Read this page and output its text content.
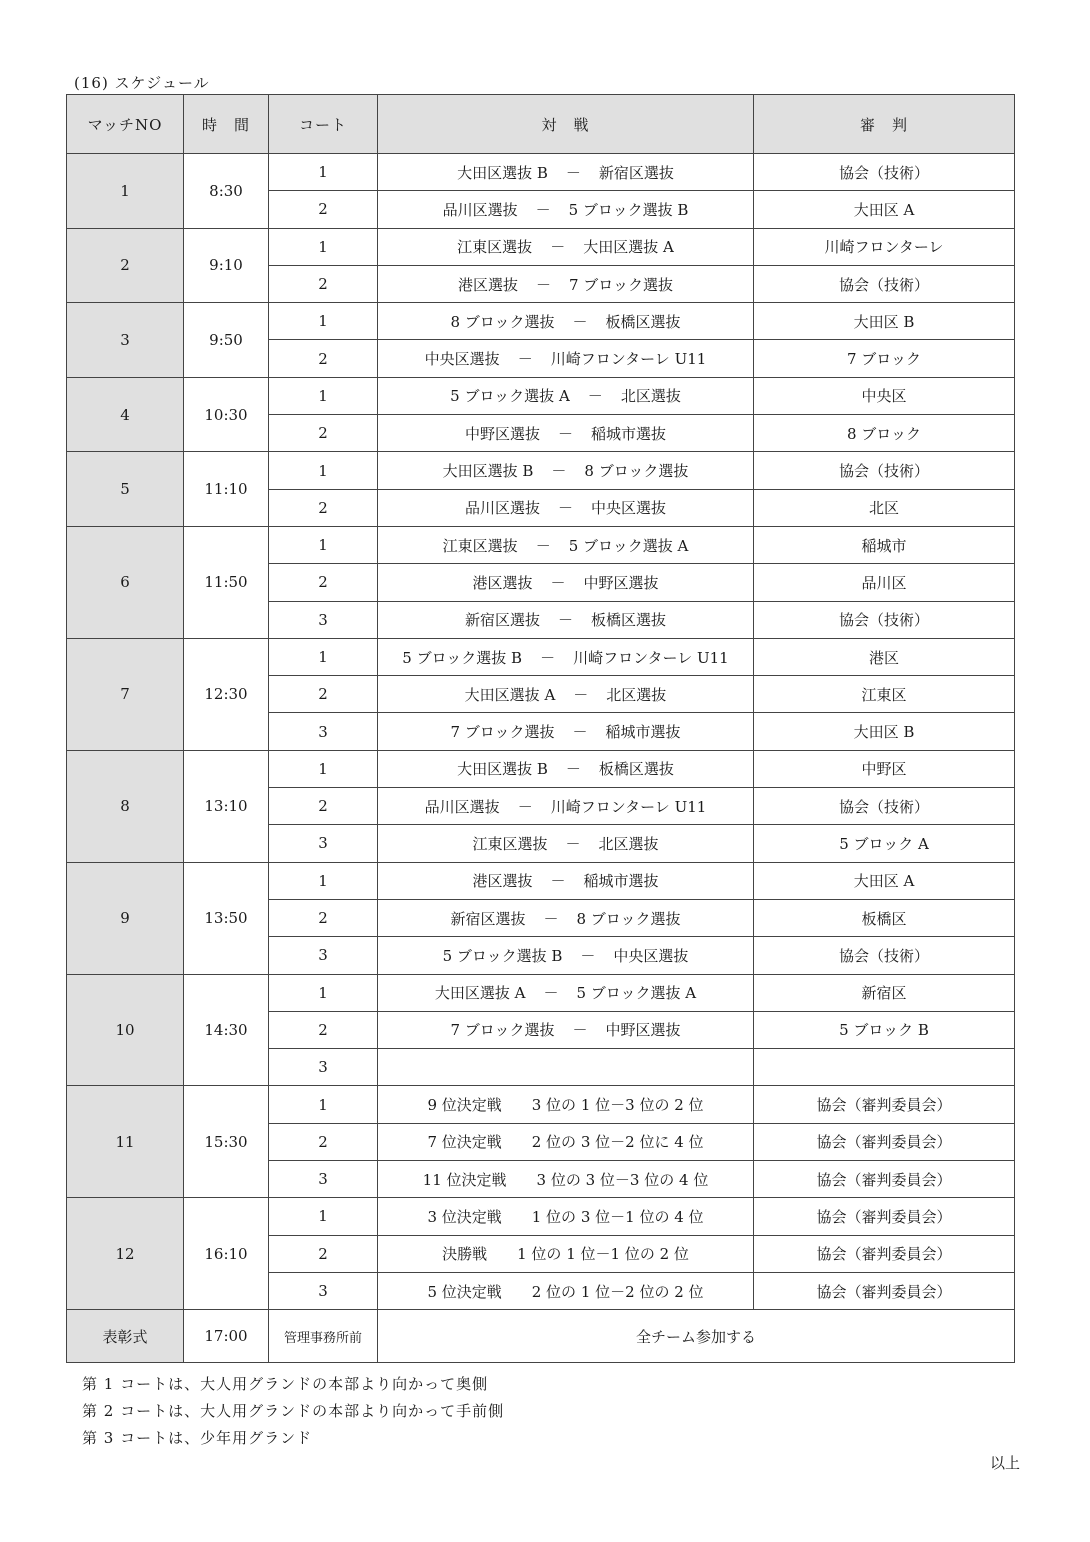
(16) スケジュール
マッチNO	時　間	コート	対　戦	審　判
1	8:30	1	大田区選抜 B － 新宿区選抜	協会（技術）
		2	品川区選抜 － 5 ブロック選抜 B	大田区 A
2	9:10	1	江東区選抜 － 大田区選抜 A	川崎フロンターレ
		2	港区選抜 － 7 ブロック選抜	協会（技術）
3	9:50	1	8 ブロック選抜 － 板橋区選抜	大田区 B
		2	中央区選抜 － 川崎フロンターレ U11	7 ブロック
4	10:30	1	5 ブロック選抜 A － 北区選抜	中央区
		2	中野区選抜 － 稲城市選抜	8 ブロック
5	11:10	1	大田区選抜 B － 8 ブロック選抜	協会（技術）
		2	品川区選抜 － 中央区選抜	北区
6	11:50	1	江東区選抜 － 5 ブロック選抜 A	稲城市
		2	港区選抜 － 中野区選抜	品川区
		3	新宿区選抜 － 板橋区選抜	協会（技術）
7	12:30	1	5 ブロック選抜 B － 川崎フロンターレ U11	港区
		2	大田区選抜 A － 北区選抜	江東区
		3	7 ブロック選抜 － 稲城市選抜	大田区 B
8	13:10	1	大田区選抜 B － 板橋区選抜	中野区
		2	品川区選抜 － 川崎フロンターレ U11	協会（技術）
		3	江東区選抜 － 北区選抜	5 ブロック A
9	13:50	1	港区選抜 － 稲城市選抜	大田区 A
		2	新宿区選抜 － 8 ブロック選抜	板橋区
		3	5 ブロック選抜 B － 中央区選抜	協会（技術）
10	14:30	1	大田区選抜 A － 5 ブロック選抜 A	新宿区
		2	7 ブロック選抜 － 中野区選抜	5 ブロック B
		3		
11	15:30	1	9 位決定戦 3 位の 1 位－3 位の 2 位	協会（審判委員会）
		2	7 位決定戦 2 位の 3 位－2 位に 4 位	協会（審判委員会）
		3	11 位決定戦 3 位の 3 位－3 位の 4 位	協会（審判委員会）
12	16:10	1	3 位決定戦 1 位の 3 位－1 位の 4 位	協会（審判委員会）
		2	決勝戦 1 位の 1 位－1 位の 2 位	協会（審判委員会）
		3	5 位決定戦 2 位の 1 位－2 位の 2 位	協会（審判委員会）
表彰式	17:00	管理事務所前	全チーム参加する	
第 1 コートは、大人用グランドの本部より向かって奥側
第 2 コートは、大人用グランドの本部より向かって手前側
第 3 コートは、少年用グランド
以上
